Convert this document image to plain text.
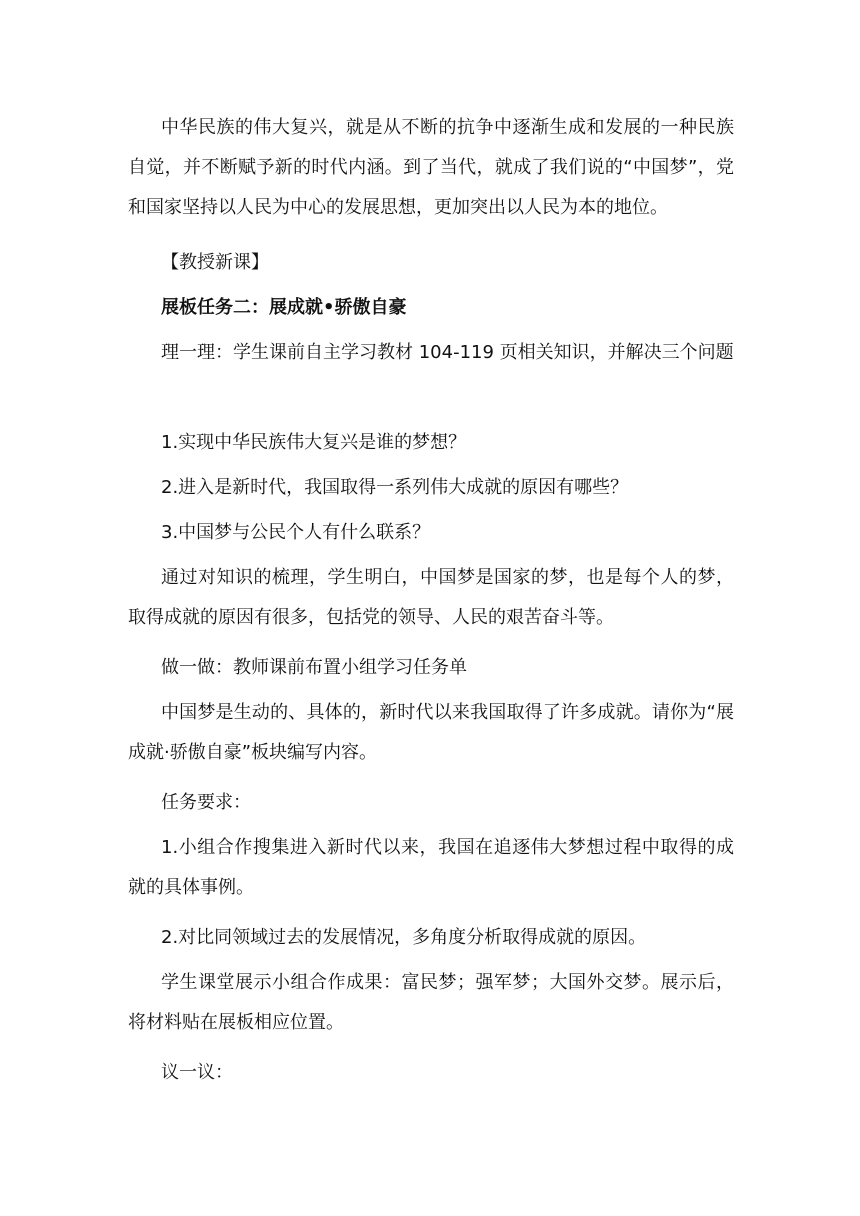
中华民族的伟大复兴，就是从不断的抗争中逐渐生成和发展的一种民族自觉，并不断赋予新的时代内涵。到了当代，就成了我们说的“中国梦”，党和国家坚持以人民为中心的发展思想，更加突出以人民为本的地位。
【教授新课】
展板任务二：展成就•骄傲自豪
理一理：学生课前自主学习教材 104-119 页相关知识，并解决三个问题
1.实现中华民族伟大复兴是谁的梦想？
2.进入是新时代，我国取得一系列伟大成就的原因有哪些？
3.中国梦与公民个人有什么联系？
通过对知识的梳理，学生明白，中国梦是国家的梦，也是每个人的梦，取得成就的原因有很多，包括党的领导、人民的艰苦奋斗等。
做一做：教师课前布置小组学习任务单
中国梦是生动的、具体的，新时代以来我国取得了许多成就。请你为“展成就·骄傲自豪”板块编写内容。
任务要求：
1.小组合作搜集进入新时代以来，我国在追逐伟大梦想过程中取得的成就的具体事例。
2.对比同领域过去的发展情况，多角度分析取得成就的原因。
学生课堂展示小组合作成果：富民梦；强军梦；大国外交梦。展示后，将材料贴在展板相应位置。
议一议：
